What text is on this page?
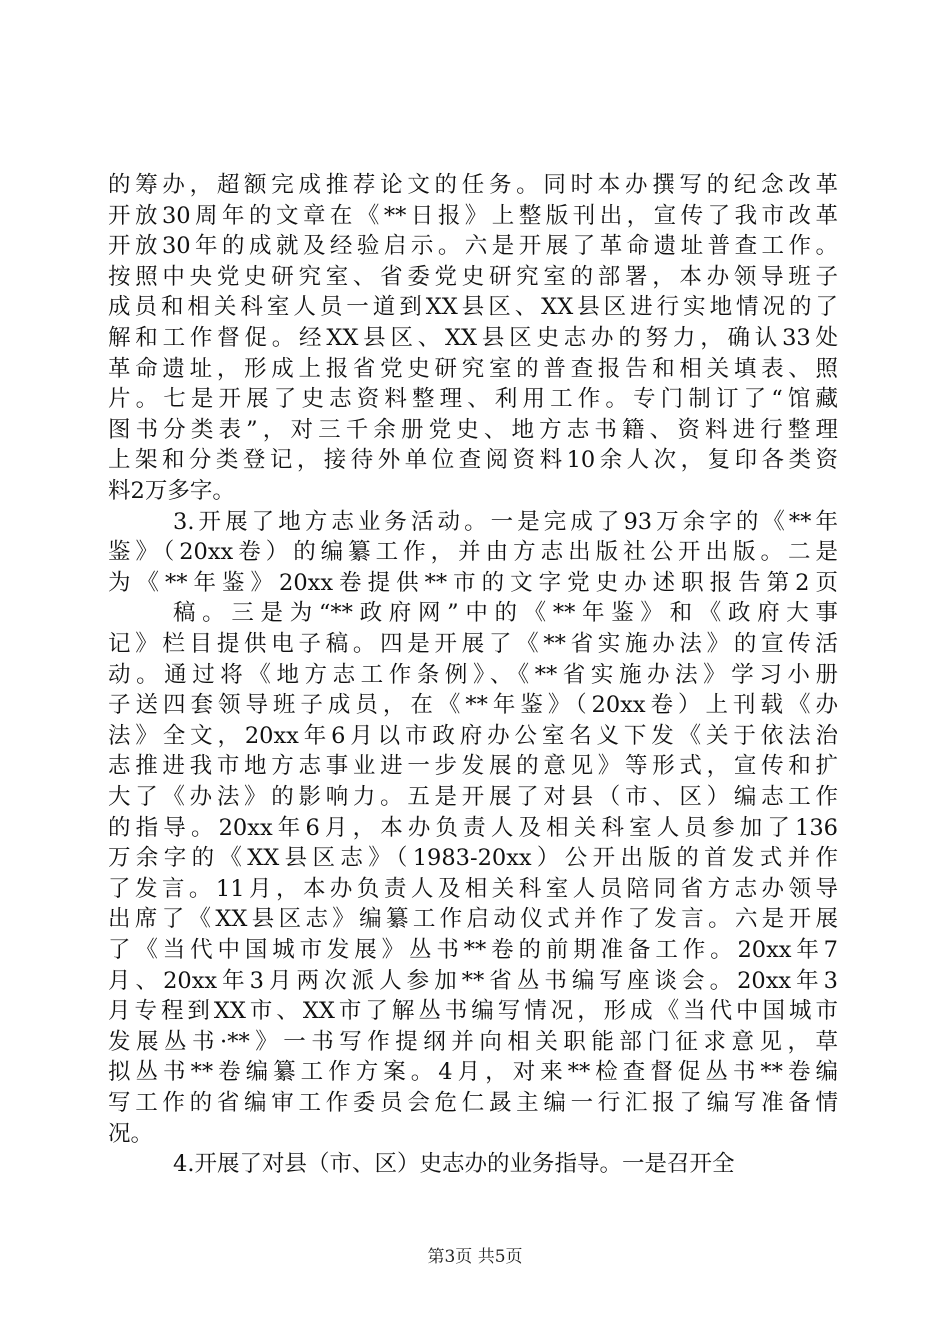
的筹办，超额完成推荐论文的任务。同时本办撰写的纪念改革
开放30周年的文章在《**日报》上整版刊出，宣传了我市改革
开放30年的成就及经验启示。六是开展了革命遗址普查工作。
按照中央党史研究室、省委党史研究室的部署，本办领导班子
成员和相关科室人员一道到XX县区、XX县区进行实地情况的了
解和工作督促。经XX县区、XX县区史志办的努力，确认33处
革命遗址，形成上报省党史研究室的普查报告和相关填表、照
片。七是开展了史志资料整理、利用工作。专门制订了“馆藏
图书分类表”，对三千余册党史、地方志书籍、资料进行整理
上架和分类登记，接待外单位查阅资料10余人次，复印各类资
料2万多字。
3.开展了地方志业务活动。一是完成了93万余字的《**年
鉴》（20xx卷）的编纂工作，并由方志出版社公开出版。二是
为《**年鉴》20xx卷提供**市的文字党史办述职报告第2页
稿。三是为“**政府网”中的《**年鉴》和《政府大事
记》栏目提供电子稿。四是开展了《**省实施办法》的宣传活
动。通过将《地方志工作条例》、《**省实施办法》学习小册
子送四套领导班子成员，在《**年鉴》（20xx卷）上刊载《办
法》全文，20xx年6月以市政府办公室名义下发《关于依法治
志推进我市地方志事业进一步发展的意见》等形式，宣传和扩
大了《办法》的影响力。五是开展了对县（市、区）编志工作
的指导。20xx年6月，本办负责人及相关科室人员参加了136
万余字的《XX县区志》（1983-20xx）公开出版的首发式并作
了发言。11月，本办负责人及相关科室人员陪同省方志办领导
出席了《XX县区志》编纂工作启动仪式并作了发言。六是开展
了《当代中国城市发展》丛书**卷的前期准备工作。20xx年7
月、20xx年3月两次派人参加**省丛书编写座谈会。20xx年3
月专程到XX市、XX市了解丛书编写情况，形成《当代中国城市
发展丛书·**》一书写作提纲并向相关职能部门征求意见，草
拟丛书**卷编纂工作方案。4月，对来**检查督促丛书**卷编
写工作的省编审工作委员会危仁晸主编一行汇报了编写准备情
况。
4.开展了对县（市、区）史志办的业务指导。一是召开全
第3页 共5页
